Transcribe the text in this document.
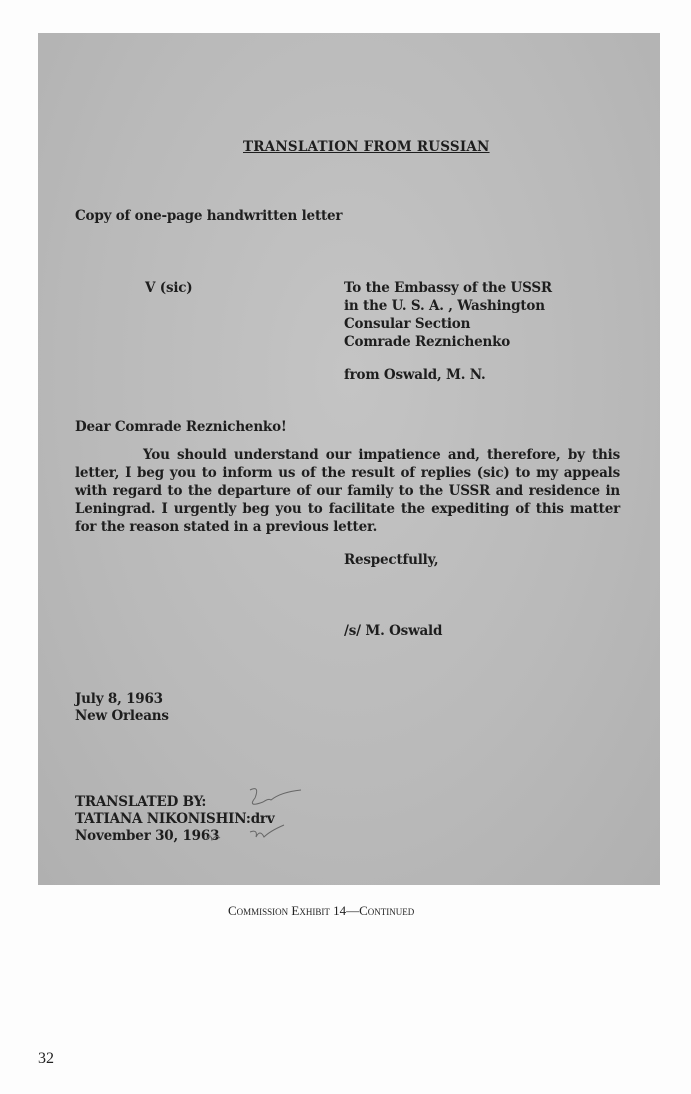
TRANSLATION FROM RUSSIAN
Copy of one-page handwritten letter
V (sic)	To the Embassy of the USSR
in the U. S. A. , Washington
Consular Section
Comrade Reznichenko
from Oswald, M. N.
Dear Comrade Reznichenko!
You should understand our impatience and, therefore, by this letter, I beg you to inform us of the result of replies (sic) to my appeals with regard to the departure of our family to the USSR and residence in Leningrad. I urgently beg you to facilitate the expediting of this matter for the reason stated in a previous letter.
Respectfully,
/s/ M. Oswald
July 8, 1963
New Orleans
TRANSLATED BY:
TATIANA NIKONISHIN:drv
November 30, 1963
Commission Exhibit 14—Continued
32
